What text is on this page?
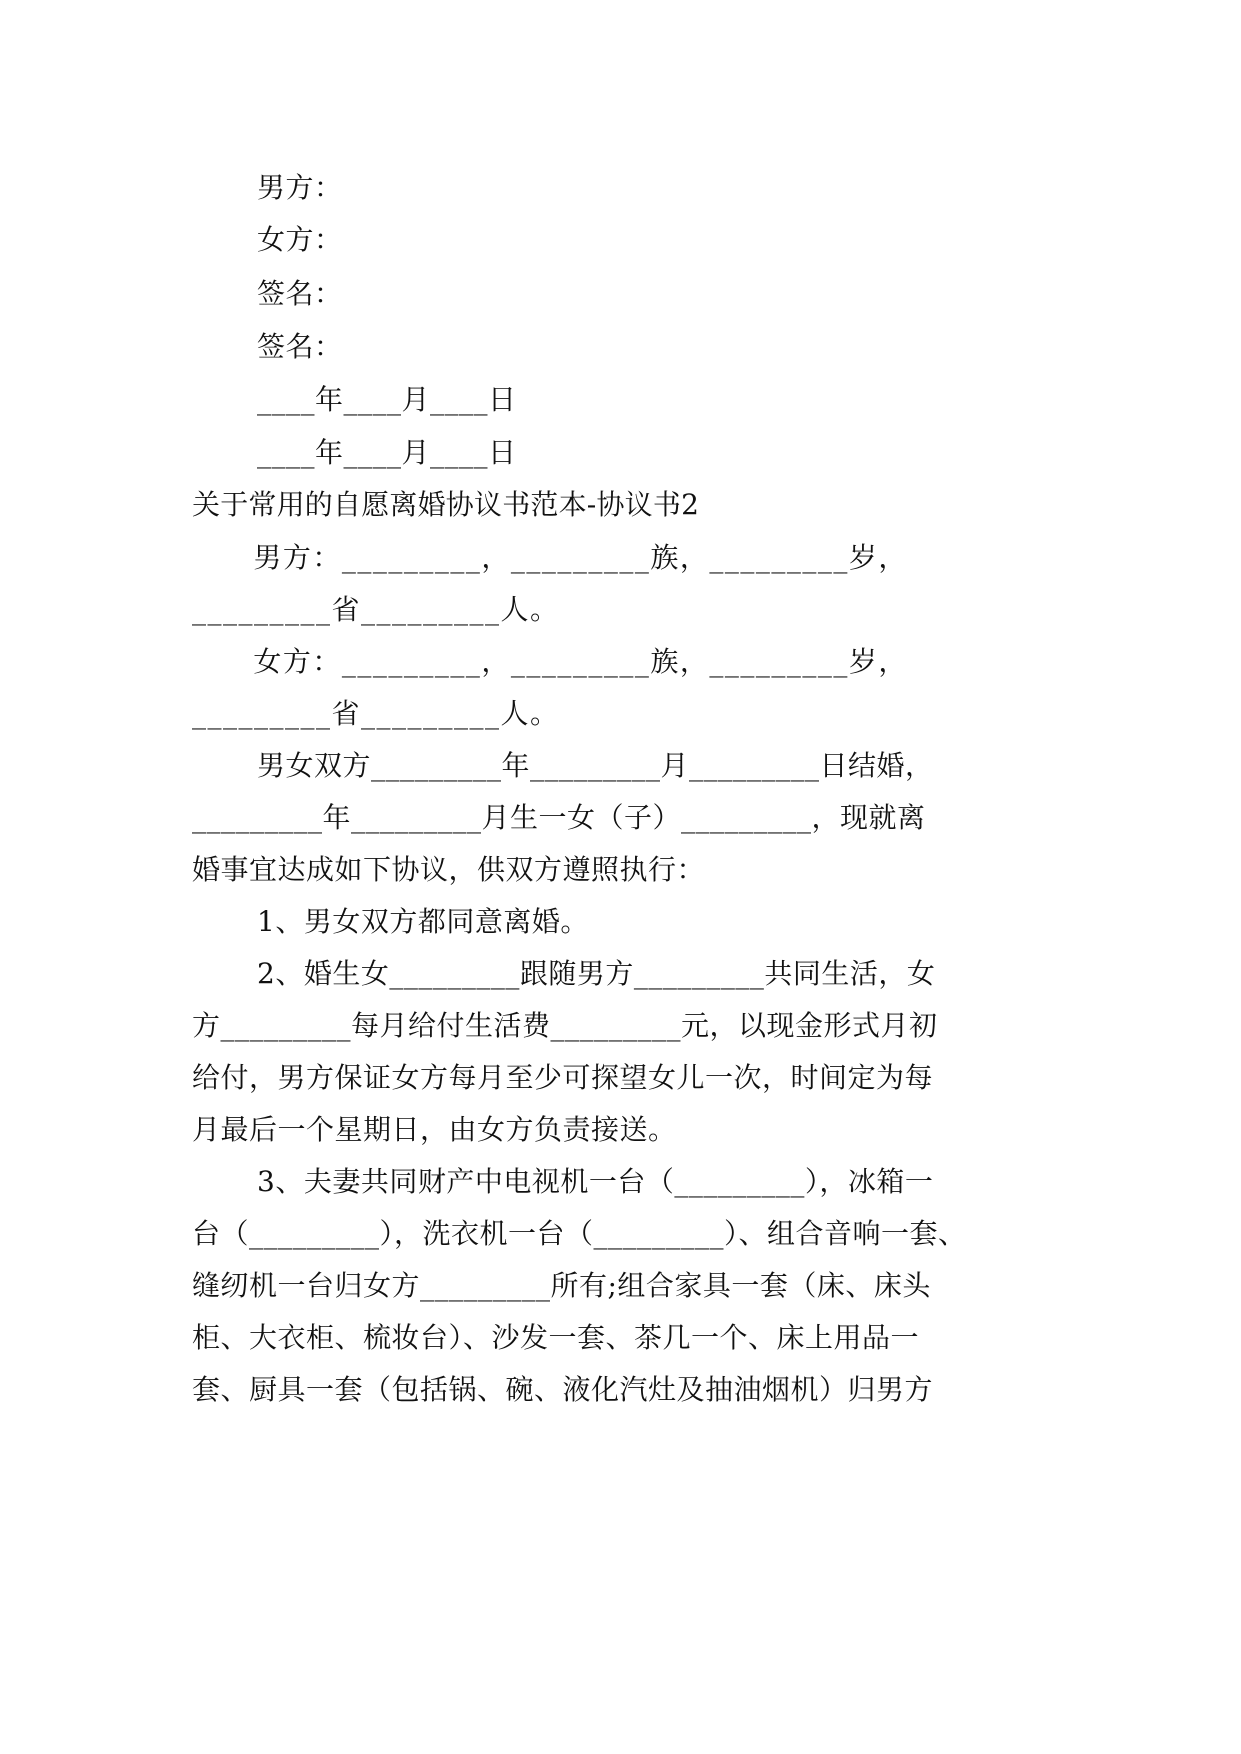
男方：
女方：
签名：
签名：
____年____月____日
____年____月____日
关于常用的自愿离婚协议书范本-协议书2
男方：_________，_________族，_________岁，
_________省_________人。
女方：_________，_________族，_________岁，
_________省_________人。
男女双方_________年_________月_________日结婚，
_________年_________月生一女（子）_________，现就离
婚事宜达成如下协议，供双方遵照执行：
1、男女双方都同意离婚。
2、婚生女_________跟随男方_________共同生活，女
方_________每月给付生活费_________元，以现金形式月初
给付，男方保证女方每月至少可探望女儿一次，时间定为每
月最后一个星期日，由女方负责接送。
3、夫妻共同财产中电视机一台（_________），冰箱一
台（_________），洗衣机一台（_________）、组合音响一套、
缝纫机一台归女方_________所有;组合家具一套（床、床头
柜、大衣柜、梳妆台）、沙发一套、茶几一个、床上用品一
套、厨具一套（包括锅、碗、液化汽灶及抽油烟机）归男方
